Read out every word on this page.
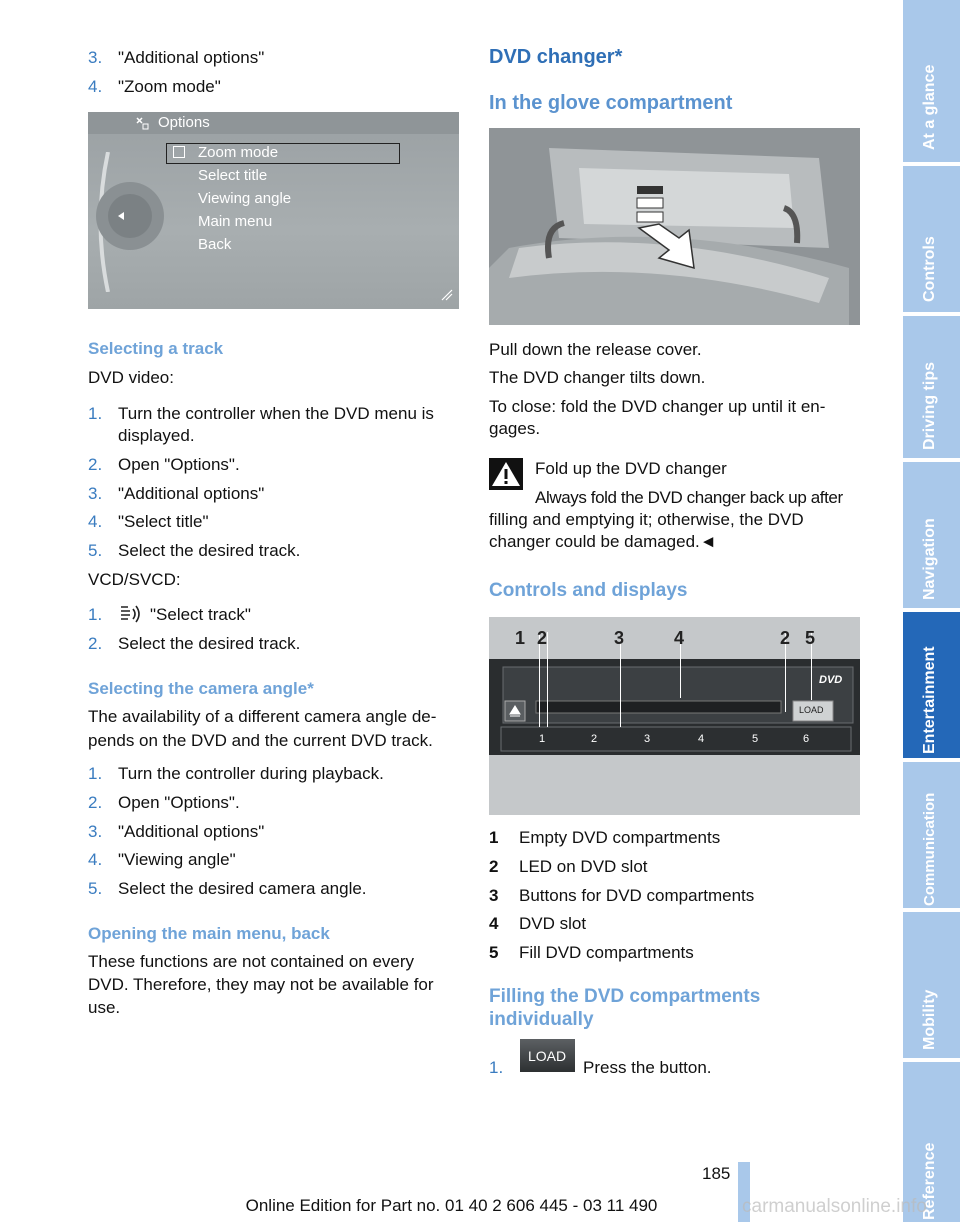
3. "Additional options"
4. "Zoom mode"
Options
Zoom mode
Select title
Viewing angle
Main menu
Back
Selecting a track
DVD video:
1. Turn the controller when the DVD menu is
displayed.
2. Open "Options".
3. "Additional options"
4. "Select title"
5. Select the desired track.
VCD/SVCD:
1.	"Select track"
2. Select the desired track.
Selecting the camera angle*
The availability of a different camera angle de-
pends on the DVD and the current DVD track.
1. Turn the controller during playback.
2. Open "Options".
3. "Additional options"
4. "Viewing angle"
5. Select the desired camera angle.
Opening the main menu, back
These functions are not contained on every
DVD. Therefore, they may not be available for
use.
DVD changer*
In the glove compartment
Pull down the release cover.
The DVD changer tilts down.
To close: fold the DVD changer up until it en-
gages.
Fold up the DVD changer
Always fold the DVD changer back up after
filling and emptying it; otherwise, the DVD
changer could be damaged.◄
Controls and displays
1 2	3	4	2 5
DVD
LOAD
1	2	3	4	5	6
1 Empty DVD compartments
2 LED on DVD slot
3 Buttons for DVD compartments
4 DVD slot
5 Fill DVD compartments
Filling the DVD compartments
individually
1.
LOAD
Press the button.
At a glance
Controls
Driving tips
Navigation
Entertainment
Communication
Mobility
Reference
185
Online Edition for Part no. 01 40 2 606 445 - 03 11 490	carmanualsonline.info
